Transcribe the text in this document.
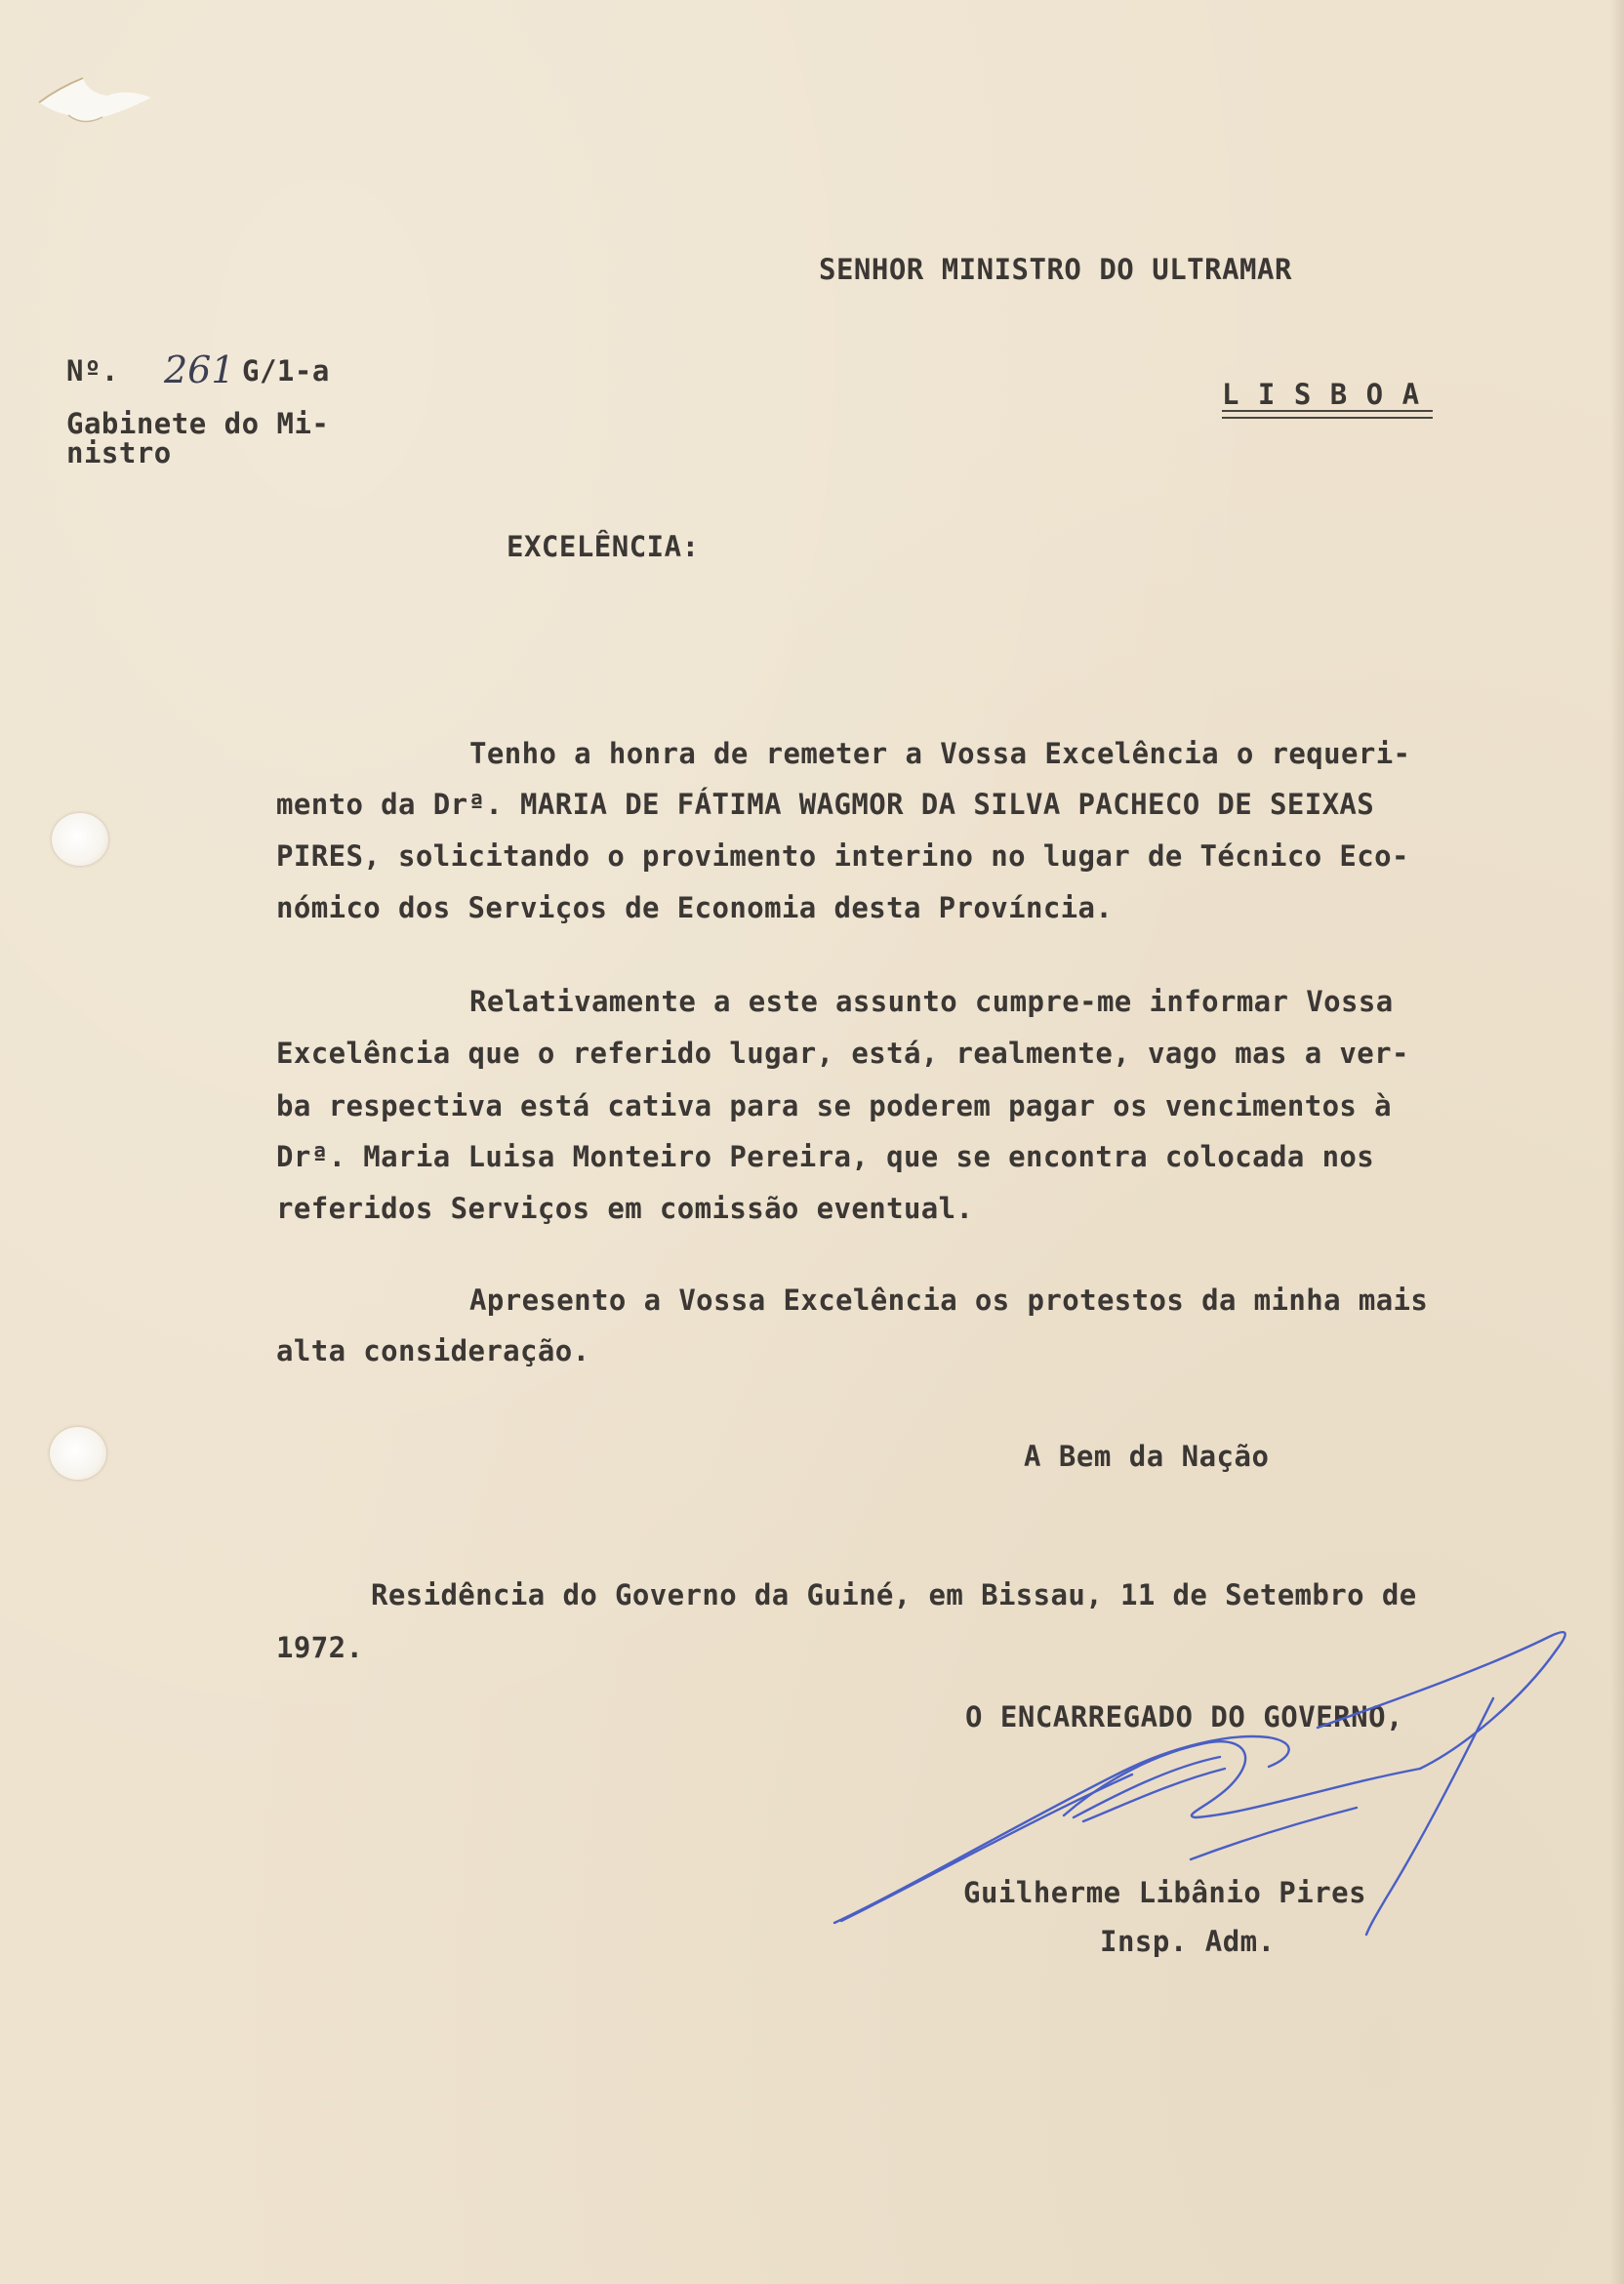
SENHOR MINISTRO DO ULTRAMAR
Nº. 261 G/1-a
L I S B O A
Gabinete do Mi-
nistro
EXCELÊNCIA:
Tenho a honra de remeter a Vossa Excelência o requeri-
mento da Drª. MARIA DE FÁTIMA WAGMOR DA SILVA PACHECO DE SEIXAS
PIRES, solicitando o provimento interino no lugar de Técnico Eco-
nómico dos Serviços de Economia desta Província.
Relativamente a este assunto cumpre-me informar Vossa
Excelência que o referido lugar, está, realmente, vago mas a ver-
ba respectiva está cativa para se poderem pagar os vencimentos à
Drª. Maria Luisa Monteiro Pereira, que se encontra colocada nos
referidos Serviços em comissão eventual.
Apresento a Vossa Excelência os protestos da minha mais
alta consideração.
A Bem da Nação
Residência do Governo da Guiné, em Bissau, 11 de Setembro de
1972.
O ENCARREGADO DO GOVERNO,
Guilherme Libânio Pires
Insp. Adm.
